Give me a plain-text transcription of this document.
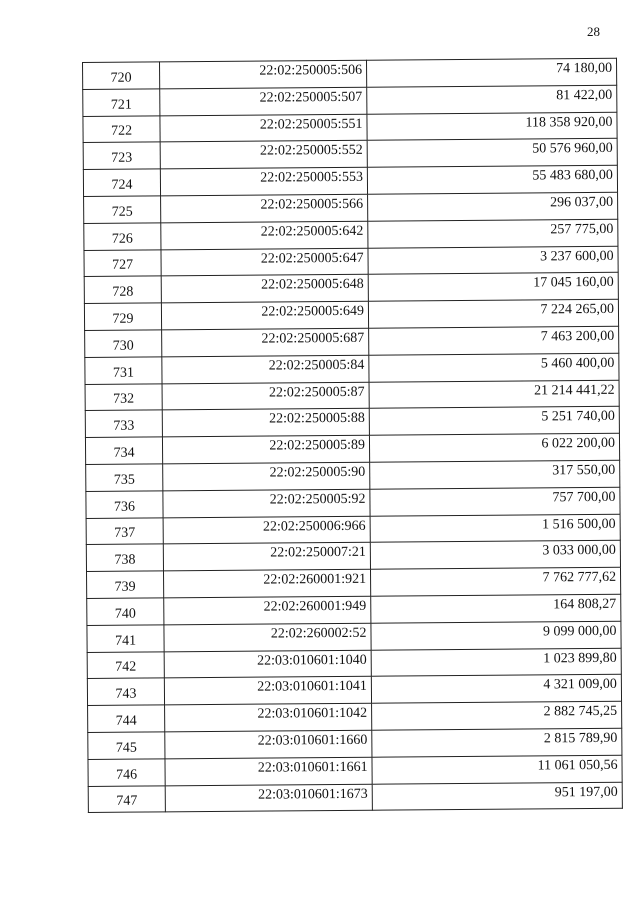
28
720	22:02:250005:506	74 180,00
721	22:02:250005:507	81 422,00
722	22:02:250005:551	118 358 920,00
723	22:02:250005:552	50 576 960,00
724	22:02:250005:553	55 483 680,00
725	22:02:250005:566	296 037,00
726	22:02:250005:642	257 775,00
727	22:02:250005:647	3 237 600,00
728	22:02:250005:648	17 045 160,00
729	22:02:250005:649	7 224 265,00
730	22:02:250005:687	7 463 200,00
731	22:02:250005:84	5 460 400,00
732	22:02:250005:87	21 214 441,22
733	22:02:250005:88	5 251 740,00
734	22:02:250005:89	6 022 200,00
735	22:02:250005:90	317 550,00
736	22:02:250005:92	757 700,00
737	22:02:250006:966	1 516 500,00
738	22:02:250007:21	3 033 000,00
739	22:02:260001:921	7 762 777,62
740	22:02:260001:949	164 808,27
741	22:02:260002:52	9 099 000,00
742	22:03:010601:1040	1 023 899,80
743	22:03:010601:1041	4 321 009,00
744	22:03:010601:1042	2 882 745,25
745	22:03:010601:1660	2 815 789,90
746	22:03:010601:1661	11 061 050,56
747	22:03:010601:1673	951 197,00
